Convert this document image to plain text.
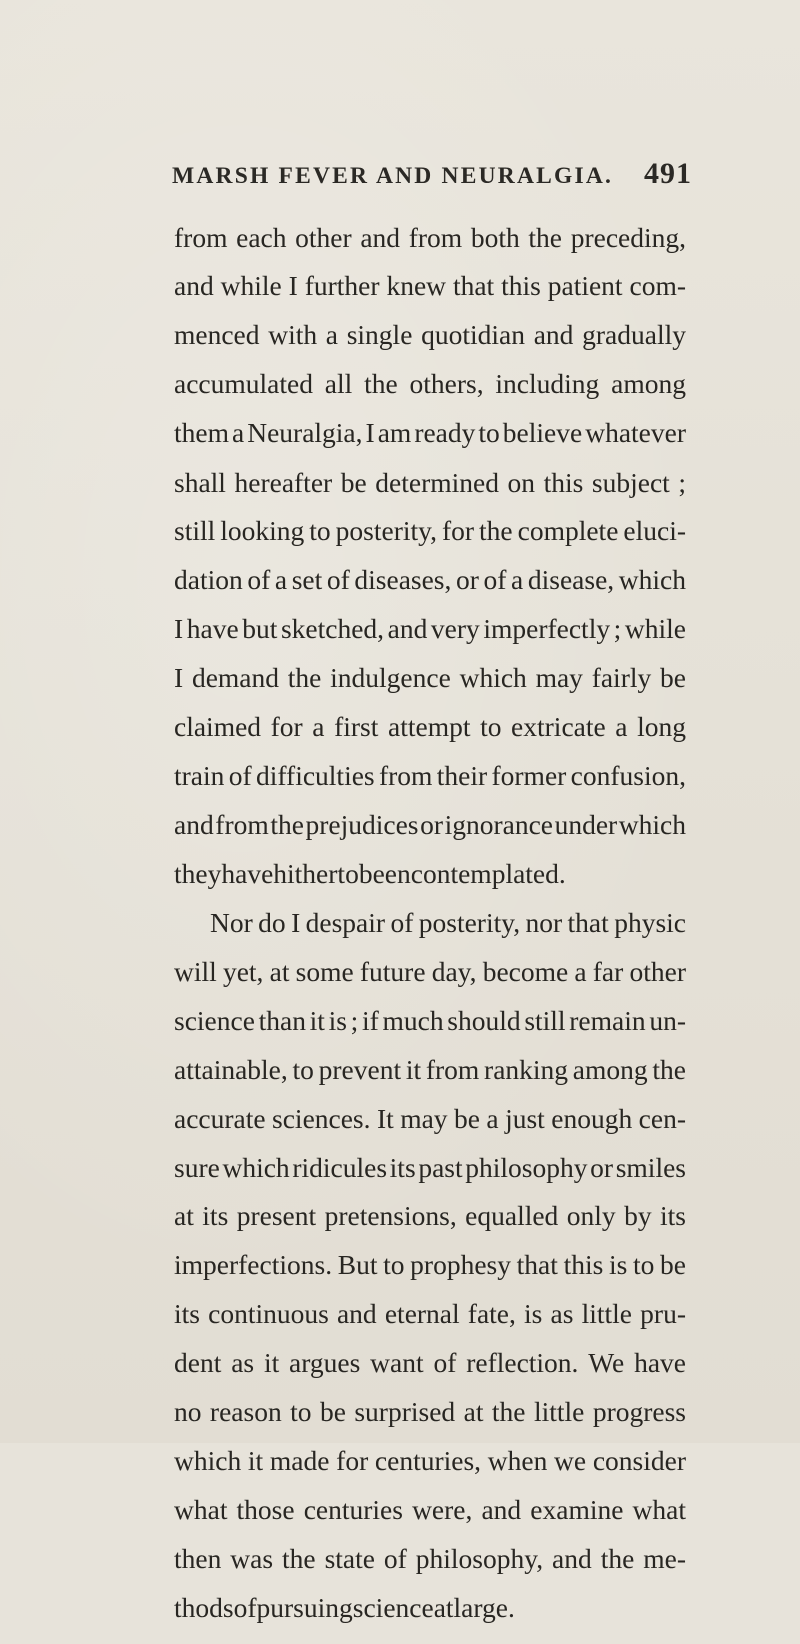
MARSH FEVER AND NEURALGIA. 491
from each other and from both the preceding,
and while I further knew that this patient com-
menced with a single quotidian and gradually
accumulated all the others, including among
them a Neuralgia, I am ready to believe whatever
shall hereafter be determined on this subject ;
still looking to posterity, for the complete eluci-
dation of a set of diseases, or of a disease, which
I have but sketched, and very imperfectly ; while
I demand the indulgence which may fairly be
claimed for a first attempt to extricate a long
train of difficulties from their former confusion,
and from the prejudices or ignorance under which
they have hitherto been contemplated.
Nor do I despair of posterity, nor that physic
will yet, at some future day, become a far other
science than it is ; if much should still remain un-
attainable, to prevent it from ranking among the
accurate sciences. It may be a just enough cen-
sure which ridicules its past philosophy or smiles
at its present pretensions, equalled only by its
imperfections. But to prophesy that this is to be
its continuous and eternal fate, is as little pru-
dent as it argues want of reflection. We have
no reason to be surprised at the little progress
which it made for centuries, when we consider
what those centuries were, and examine what
then was the state of philosophy, and the me-
thods of pursuing science at large.
